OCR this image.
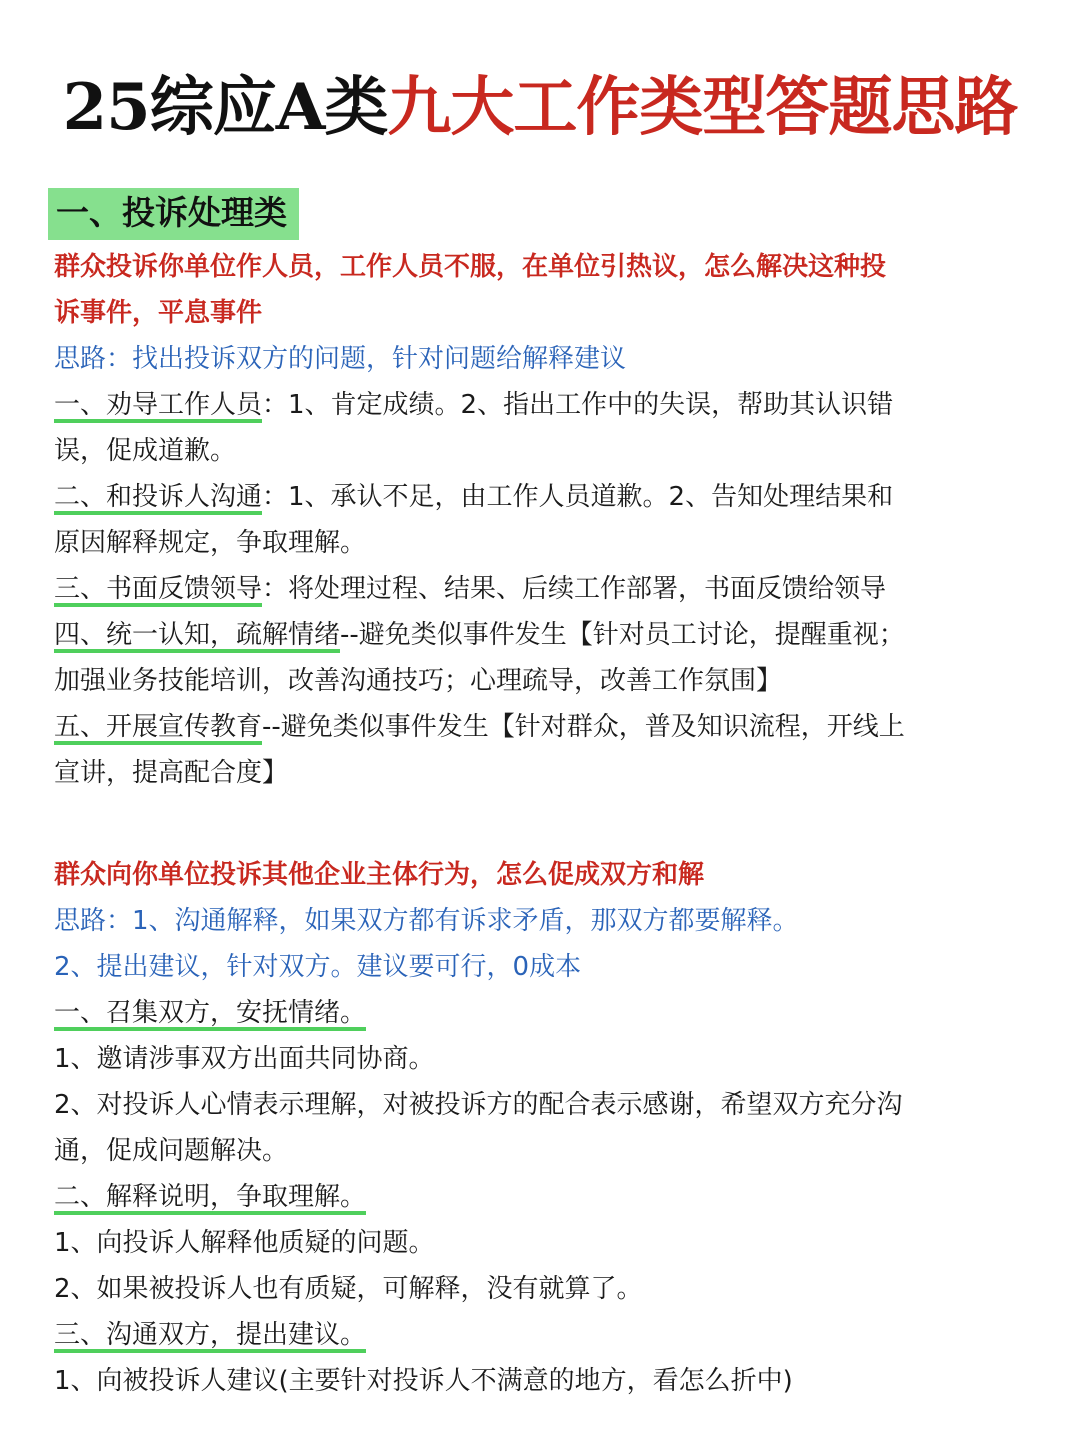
25综应A类九大工作类型答题思路
一、投诉处理类
群众投诉你单位作人员，工作人员不服，在单位引热议，怎么解决这种投
诉事件，平息事件
思路：找出投诉双方的问题，针对问题给解释建议
一、劝导工作人员：1、肯定成绩。2、指出工作中的失误，帮助其认识错
误，促成道歉。
二、和投诉人沟通：1、承认不足，由工作人员道歉。2、告知处理结果和
原因解释规定，争取理解。
三、书面反馈领导：将处理过程、结果、后续工作部署，书面反馈给领导
四、统一认知，疏解情绪--避免类似事件发生【针对员工讨论，提醒重视；
加强业务技能培训，改善沟通技巧；心理疏导，改善工作氛围】
五、开展宣传教育--避免类似事件发生【针对群众，普及知识流程，开线上
宣讲，提高配合度】
群众向你单位投诉其他企业主体行为，怎么促成双方和解
思路：1、沟通解释，如果双方都有诉求矛盾，那双方都要解释。
2、提出建议，针对双方。建议要可行，0成本
一、召集双方，安抚情绪。
1、邀请涉事双方出面共同协商。
2、对投诉人心情表示理解，对被投诉方的配合表示感谢，希望双方充分沟
通，促成问题解决。
二、解释说明，争取理解。
1、向投诉人解释他质疑的问题。
2、如果被投诉人也有质疑，可解释，没有就算了。
三、沟通双方，提出建议。
1、向被投诉人建议(主要针对投诉人不满意的地方，看怎么折中)
